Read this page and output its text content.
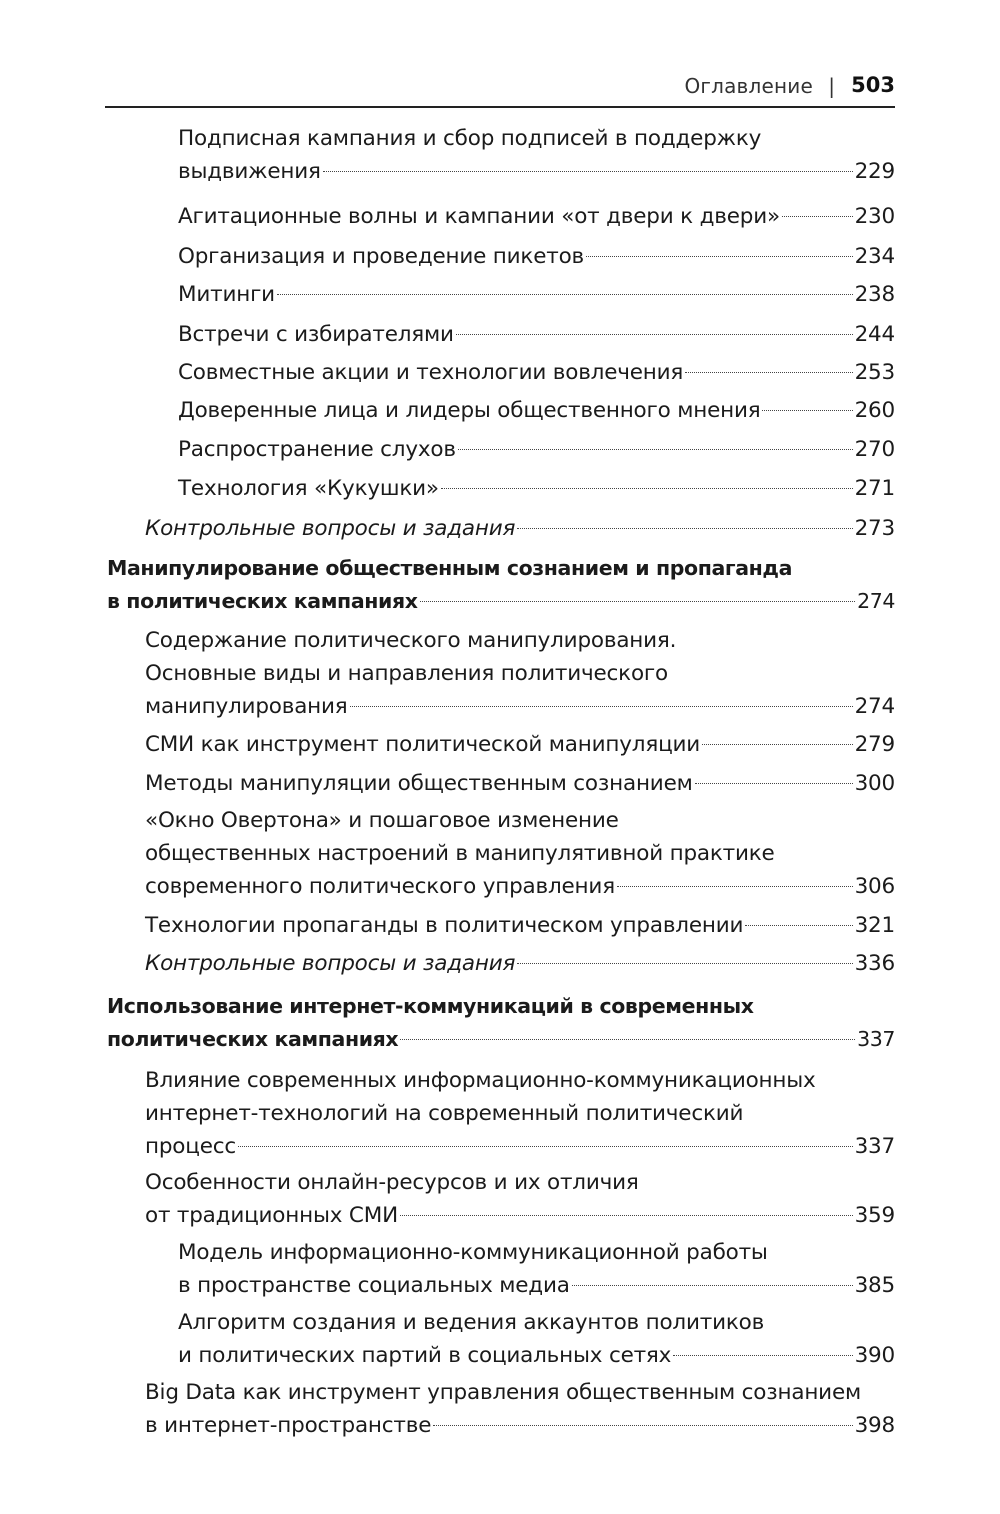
Оглавление | 503
Подписная кампания и сбор подписей в поддержку
выдвижения	229
Агитационные волны и кампании «от двери к двери»	230
Организация и проведение пикетов	234
Митинги	238
Встречи с избирателями	244
Совместные акции и технологии вовлечения	253
Доверенные лица и лидеры общественного мнения	260
Распространение слухов	270
Технология «Кукушки»	271
Контрольные вопросы и задания	273
Манипулирование общественным сознанием и пропаганда
в политических кампаниях	274
Содержание политического манипулирования.
Основные виды и направления политического
манипулирования	274
СМИ как инструмент политической манипуляции	279
Методы манипуляции общественным сознанием	300
«Окно Овертона» и пошаговое изменение
общественных настроений в манипулятивной практике
современного политического управления	306
Технологии пропаганды в политическом управлении	321
Контрольные вопросы и задания	336
Использование интернет-коммуникаций в современных
политических кампаниях	337
Влияние современных информационно-коммуникационных
интернет-технологий на современный политический
процесс	337
Особенности онлайн-ресурсов и их отличия
от традиционных СМИ	359
Модель информационно-коммуникационной работы
в пространстве социальных медиа	385
Алгоритм создания и ведения аккаунтов политиков
и политических партий в социальных сетях	390
Big Data как инструмент управления общественным сознанием
в интернет-пространстве	398
